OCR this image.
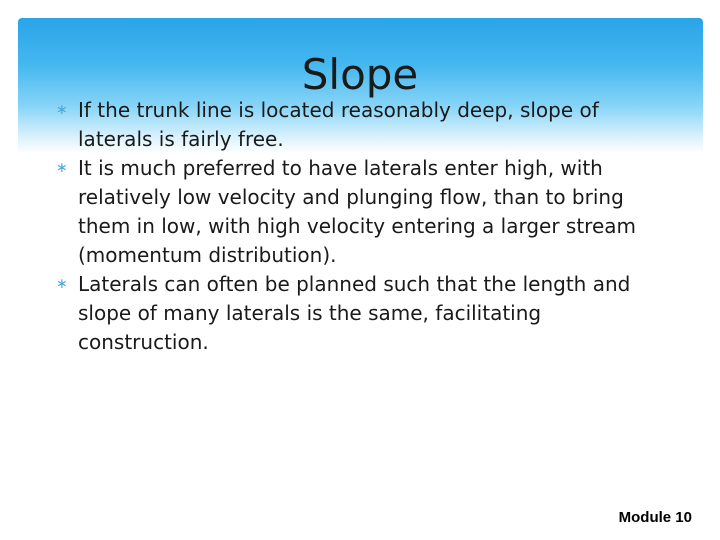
Slope
∗ If the trunk line is located reasonably deep, slope of laterals is fairly free.
∗ It is much preferred to have laterals enter high, with relatively low velocity and plunging flow, than to bring them in low, with high velocity entering a larger stream (momentum distribution).
∗ Laterals can often be planned such that the length and slope of many laterals is the same, facilitating construction.
Module 10
